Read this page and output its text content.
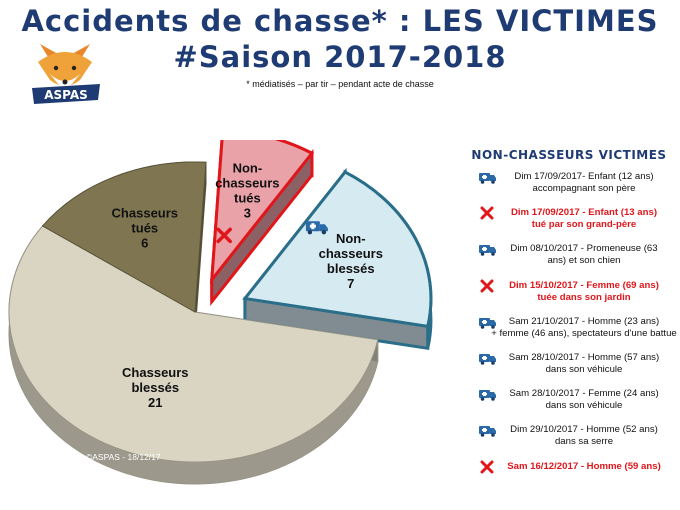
Accidents de chasse* : LES VICTIMES
#Saison 2017-2018
* médiatisés – par tir – pendant acte de chasse
ASPAS
Chasseurs blessés 21
Chasseurs tués 6
Non-chasseurs tués 3
Non-chasseurs blessés 7
©ASPAS - 18/12/17
NON-CHASSEURS VICTIMES
Dim 17/09/2017- Enfant (12 ans)
accompagnant son père
Dim 17/09/2017 - Enfant (13 ans)
tué par son grand-père
Dim 08/10/2017 - Promeneuse (63
ans) et son chien
Dim 15/10/2017 - Femme (69 ans)
tuée dans son jardin
Sam 21/10/2017 - Homme (23 ans)
+ femme (46 ans), spectateurs d'une battue
Sam 28/10/2017 - Homme (57 ans)
dans son véhicule
Sam 28/10/2017 - Femme (24 ans)
dans son véhicule
Dim 29/10/2017 - Homme (52 ans)
dans sa serre
Sam 16/12/2017 - Homme (59 ans)
